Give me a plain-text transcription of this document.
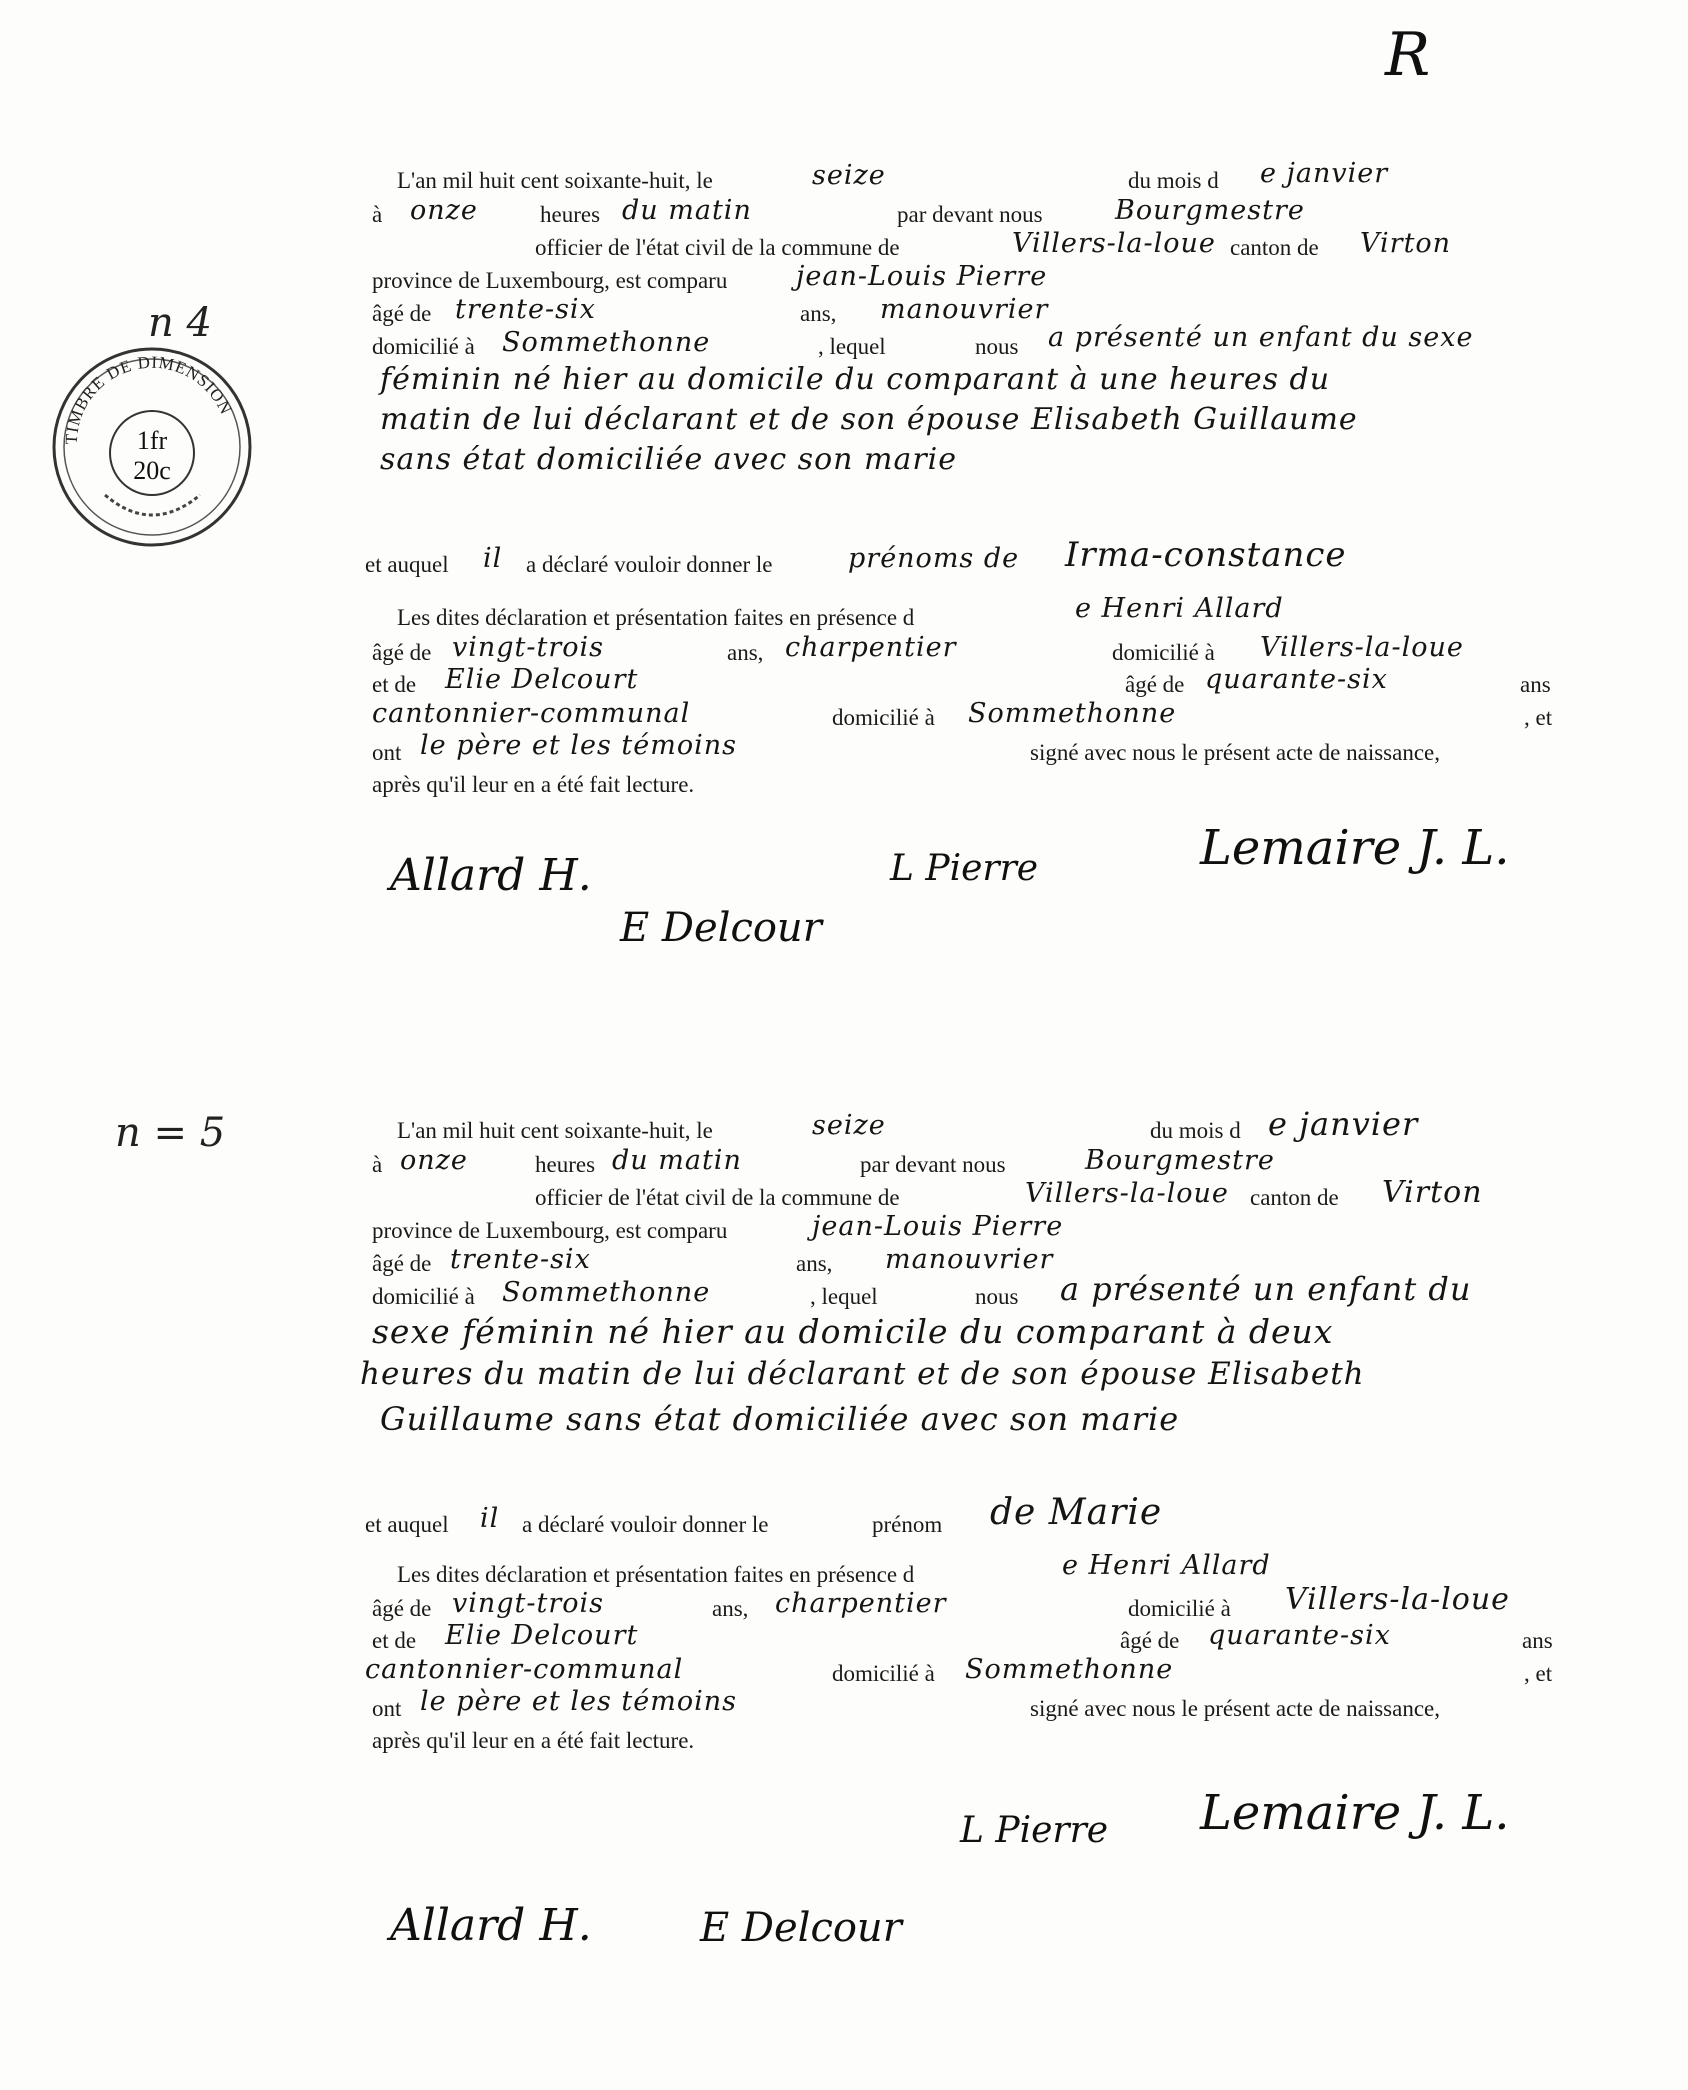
R
TIMBRE DE DIMENSION
1fr
20c
n 4
L'an mil huit cent soixante-huit, le	seize	du mois d e janvier
à onze	heures du matin	par devant nous	Bourgmestre
officier de l'état civil de la commune de	Villers-la-loue canton de Virton
province de Luxembourg, est comparu	jean-Louis Pierre
âgé de trente-six	ans, manouvrier
domicilié à Sommethonne	, lequel	nous a présenté un enfant du sexe
féminin né hier au domicile du comparant à une heures du
matin de lui déclarant et de son épouse Elisabeth Guillaume
sans état domiciliée avec son marie
et auquel il a déclaré vouloir donner le	prénoms de Irma-constance
Les dites déclaration et présentation faites en présence d	e Henri Allard
âgé de vingt-trois	ans, charpentier	domicilié à Villers-la-loue
et de Elie Delcourt	âgé de quarante-six	ans
cantonnier-communal	domicilié à Sommethonne	, et
ont le père et les témoins	signé avec nous le présent acte de naissance,
après qu'il leur en a été fait lecture.
Allard H.	L Pierre	Lemaire J. L.
E Delcour
n = 5	L'an mil huit cent soixante-huit, le	seize	du mois d e janvier
à onze	heures du matin	par devant nous	Bourgmestre
officier de l'état civil de la commune de	Villers-la-loue canton de Virton
province de Luxembourg, est comparu	jean-Louis Pierre
âgé de trente-six	ans, manouvrier
domicilié à Sommethonne	, lequel	nous a présenté un enfant du
sexe féminin né hier au domicile du comparant à deux
heures du matin de lui déclarant et de son épouse Elisabeth
Guillaume sans état domiciliée avec son marie
et auquel il a déclaré vouloir donner le	prénom de Marie
Les dites déclaration et présentation faites en présence d	e Henri Allard
âgé de vingt-trois	ans, charpentier	domicilié à Villers-la-loue
et de Elie Delcourt	âgé de quarante-six	ans
cantonnier-communal	domicilié à Sommethonne	, et
ont le père et les témoins	signé avec nous le présent acte de naissance,
après qu'il leur en a été fait lecture.
L Pierre Lemaire J. L.
Allard H.	E Delcour
